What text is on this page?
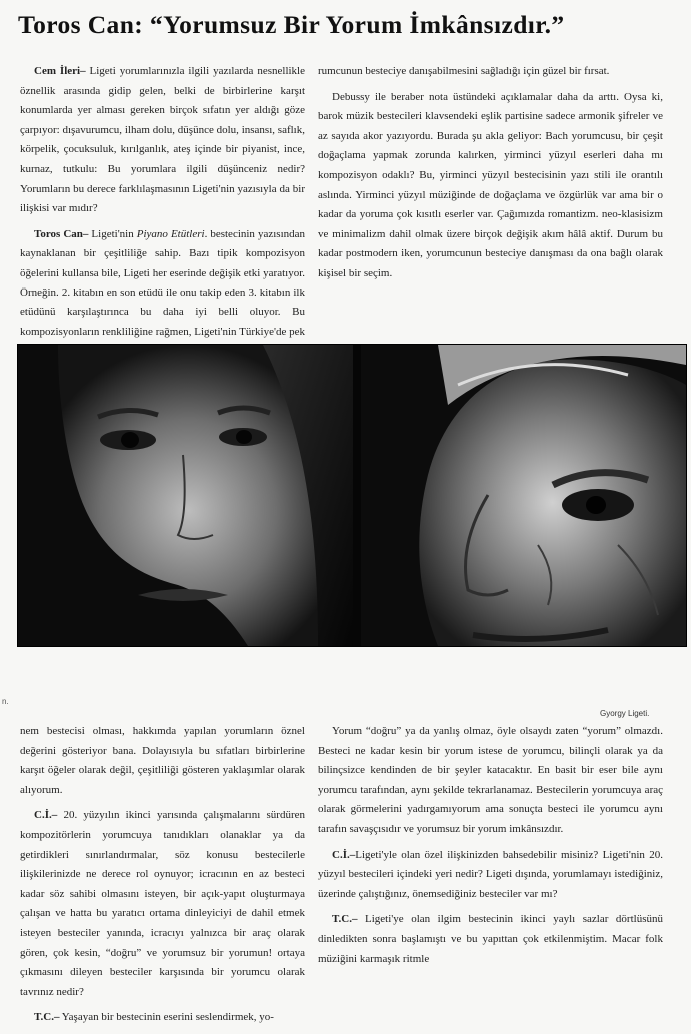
Toros Can: “Yorumsuz Bir Yorum İmkânsızdır.”

Cem İleri– Ligeti yorumlarınızla ilgili yazılarda nesnellikle öznellik arasında gidip gelen, belki de birbirlerine karşıt konumlarda yer alması gereken birçok sıfatın yer aldığı gözе çarpıyor: dışavurumcu, ilham dolu, düşünce dolu, insansı, saflık, körpelik, çocuksuluk, kırılganlık, ateş içinde bir piyanist, ince, kurnaz, tutkulu: Bu yorumlara ilgili düşünceniz nedir? Yorumların bu derece farklılaşmasının Ligeti'nin yazısıyla da bir ilişkisi var mıdır?

Toros Can– Ligeti'nin Piyano Etütleri. bestecinin yazısından kaynaklanan bir çeşitliliğe sahip. Bazı tipik kompozisyon öğelerini kullansa bile, Ligeti her eserinde değişik etki yaratıyor. Örneğin. 2. kitabın en son etüdü ile onu takip eden 3. kitabın ilk etüdünü karşılaştırınca bu daha iyi belli oluyor. Bu kompozisyonların renkliliğine rağmen, Ligeti'nin Türkiye'de pek

rumcunun besteciye danışabilmesini sağladığı için güzel bir fırsat.

Debussy ile beraber nota üstündeki açıklamalar daha da arttı. Oysa ki, barok müzik bestecileri klavsendeki eşlik partisine sadece armonik şifreler ve az sayıda akor yazıyordu. Burada şu akla geliyor: Bach yorumcusu, bir çeşit doğaçlama yapmak zorunda kalırken, yirminci yüzyıl eserleri daha mı kompozisyon odaklı? Bu, yirminci yüzyıl bestecisinin yazı stili ile orantılı aslında. Yirminci yüzyıl müziğinde de doğaçlama ve özgürlük var ama bir o kadar da yoruma çok kısıtlı eserler var. Çağımızda romantizm. neo-klasisizm ve minimalizm dahil olmak üzere birçok değişik akım hâlâ aktif. Durum bu kadar postmodern iken, yorumcunun besteciye danışması da ona bağlı olarak kişisel bir seçim.

n.
Gyorgy Ligeti.

nem bestecisi olması, hakkımda yapılan yorumların öznel değerini gösteriyor bana. Dolayısıyla bu sıfatları birbirlerine karşıt öğeler olarak değil, çeşitliliği gösteren yaklaşımlar olarak alıyorum.

C.İ.– 20. yüzyılın ikinci yarısında çalışmalarını sürdüren kompozitörlerin yorumcuya tanıdıkları olanaklar ya da getirdikleri sınırlandırmalar, söz konusu bestecilerle ilişkilerinizde ne derece rol oynuyor; icracının en az besteci kadar söz sahibi olmasını isteyen, bir açık-yapıt oluşturmaya çalışan ve hatta bu yaratıcı ortama dinleyiciyi de dahil etmek isteyen besteciler yanında, icracıyı yalnızca bir araç olarak gören, çok kesin, “doğru” ve yorumsuz bir yorumun! ortaya çıkmasını dileyen besteciler karşısında bir yorumcu olarak tavrınız nedir?

T.C.– Yaşayan bir bestecinin eserini seslendirmek, yo-

Yorum “doğru” ya da yanlış olmaz, öyle olsaydı zaten “yorum” olmazdı. Besteci ne kadar kesin bir yorum istese de yorumcu, bilinçli olarak ya da bilinçsizce kendinden de bir şeyler katacaktır. En basit bir eser bile aynı yorumcu tarafından, aynı şekilde tekrarlanamaz. Bestecilerin yorumcuya araç olarak görmelerini yadırgamıyorum ama sonuçta besteci ile yorumcu aynı tarafın savaşçısıdır ve yorumsuz bir yorum imkânsızdır.

C.İ.–Ligeti'yle olan özel ilişkinizden bahsedebilir misiniz? Ligeti'nin 20. yüzyıl bestecileri içindeki yeri nedir? Ligeti dışında, yorumlamayı istediğiniz, üzerinde çalıştığınız, önemsediğiniz besteciler var mı?

T.C.– Ligeti'ye olan ilgim bestecinin ikinci yaylı sazlar dörtlüsünü dinledikten sonra başlamıştı ve bu yapıttan çok etkilenmiştim. Macar folk müziğini karmaşık ritmle
